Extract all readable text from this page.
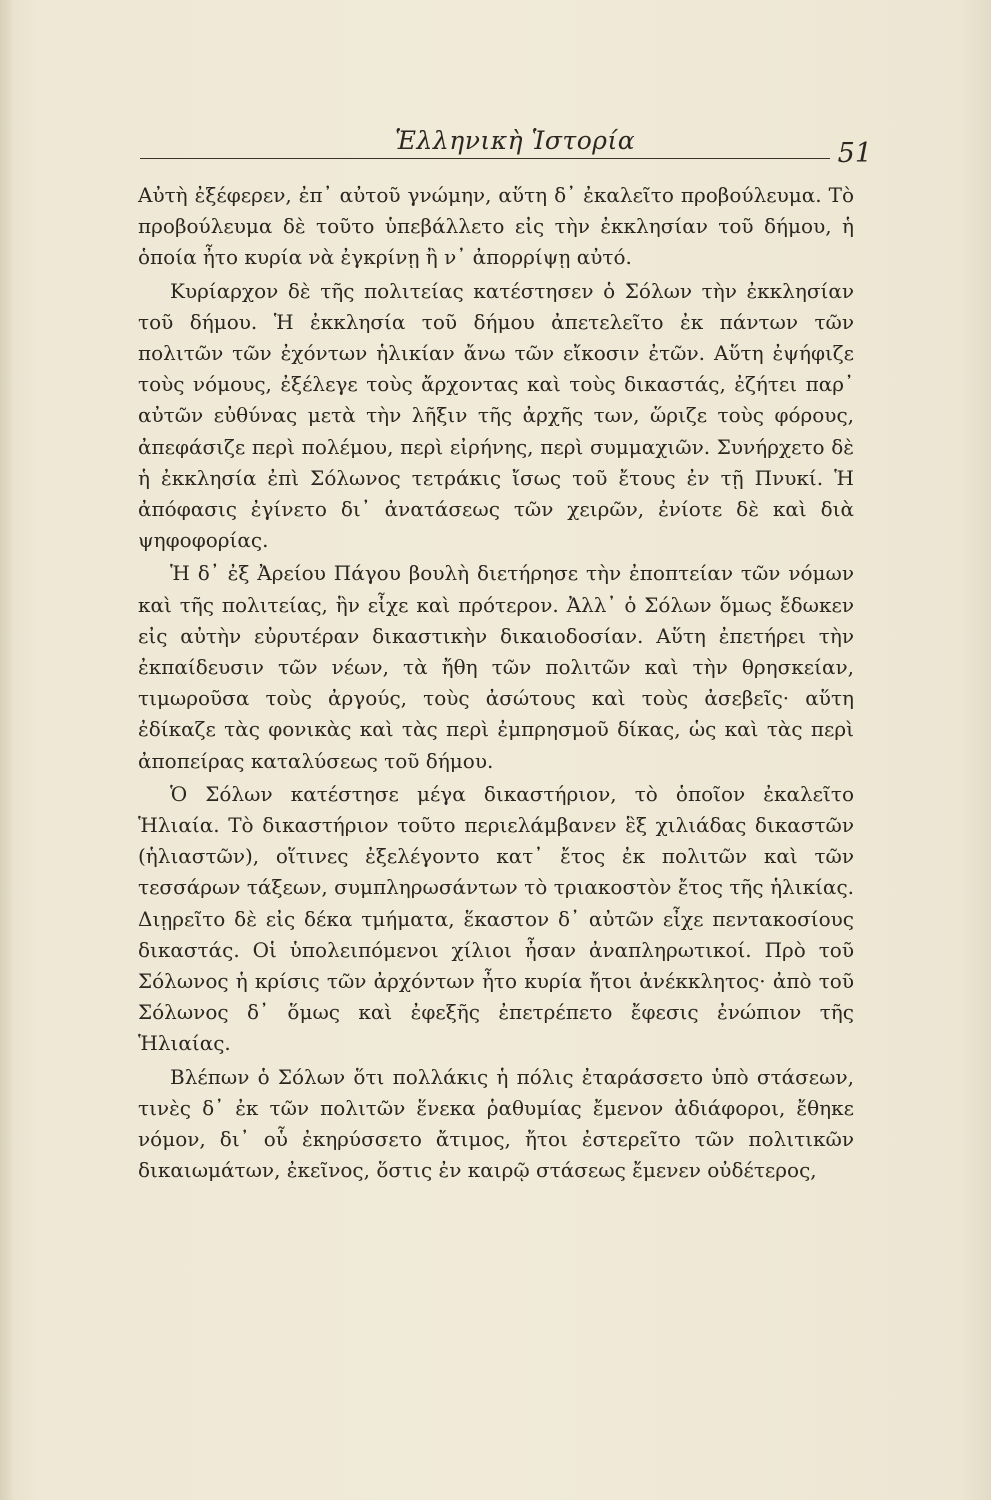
Ἑλληνικὴ Ἱστορία	51

Αὐτὴ ἐξέφερεν, ἐπ᾽ αὐτοῦ γνώμην, αὕτη δ᾽ ἐκαλεῖτο προβούλευμα. Τὸ προβούλευμα δὲ τοῦτο ὑπεβάλλετο εἰς τὴν ἐκκλησίαν τοῦ δήμου, ἡ ὁποία ἦτο κυρία νὰ ἐγκρίνῃ ἢ ν᾽ ἀπορρίψῃ αὐτό.

Κυρίαρχον δὲ τῆς πολιτείας κατέστησεν ὁ Σόλων τὴν ἐκκλησίαν τοῦ δήμου. Ἡ ἐκκλησία τοῦ δήμου ἀπετελεῖτο ἐκ πάντων τῶν πολιτῶν τῶν ἐχόντων ἡλικίαν ἄνω τῶν εἴκοσιν ἐτῶν. Αὕτη ἐψήφιζε τοὺς νόμους, ἐξέλεγε τοὺς ἄρχοντας καὶ τοὺς δικαστάς, ἐζήτει παρ᾽ αὐτῶν εὐθύνας μετὰ τὴν λῆξιν τῆς ἀρχῆς των, ὥριζε τοὺς φόρους, ἀπεφάσιζε περὶ πολέμου, περὶ εἰρήνης, περὶ συμμαχιῶν. Συνήρχετο δὲ ἡ ἐκκλησία ἐπὶ Σόλωνος τετράκις ἴσως τοῦ ἔτους ἐν τῇ Πνυκί. Ἡ ἀπόφασις ἐγίνετο δι᾽ ἀνατάσεως τῶν χειρῶν, ἐνίοτε δὲ καὶ διὰ ψηφοφορίας.

Ἡ δ᾽ ἐξ Ἀρείου Πάγου βουλὴ διετήρησε τὴν ἐποπτείαν τῶν νόμων καὶ τῆς πολιτείας, ἣν εἶχε καὶ πρότερον. Ἀλλ᾽ ὁ Σόλων ὅμως ἔδωκεν εἰς αὐτὴν εὐρυτέραν δικαστικὴν δικαιοδοσίαν. Αὕτη ἐπετήρει τὴν ἐκπαίδευσιν τῶν νέων, τὰ ἤθη τῶν πολιτῶν καὶ τὴν θρησκείαν, τιμωροῦσα τοὺς ἀργούς, τοὺς ἀσώτους καὶ τοὺς ἀσεβεῖς· αὕτη ἐδίκαζε τὰς φονικὰς καὶ τὰς περὶ ἐμπρησμοῦ δίκας, ὡς καὶ τὰς περὶ ἀποπείρας καταλύσεως τοῦ δήμου.

Ὁ Σόλων κατέστησε μέγα δικαστήριον, τὸ ὁποῖον ἐκαλεῖτο Ἡλιαία. Τὸ δικαστήριον τοῦτο περιελάμβανεν ἓξ χιλιάδας δικαστῶν (ἡλιαστῶν), οἵτινες ἐξελέγοντο κατ᾽ ἔτος ἐκ πολιτῶν καὶ τῶν τεσσάρων τάξεων, συμπληρωσάντων τὸ τριακοστὸν ἔτος τῆς ἡλικίας. Διῃρεῖτο δὲ εἰς δέκα τμήματα, ἕκαστον δ᾽ αὐτῶν εἶχε πεντακοσίους δικαστάς. Οἱ ὑπολειπόμενοι χίλιοι ἦσαν ἀναπληρωτικοί. Πρὸ τοῦ Σόλωνος ἡ κρίσις τῶν ἀρχόντων ἦτο κυρία ἤτοι ἀνέκκλητος· ἀπὸ τοῦ Σόλωνος δ᾽ ὅμως καὶ ἐφεξῆς ἐπετρέπετο ἔφεσις ἐνώπιον τῆς Ἡλιαίας.

Βλέπων ὁ Σόλων ὅτι πολλάκις ἡ πόλις ἐταράσσετο ὑπὸ στάσεων, τινὲς δ᾽ ἐκ τῶν πολιτῶν ἕνεκα ῥαθυμίας ἔμενον ἀδιάφοροι, ἔθηκε νόμον, δι᾽ οὗ ἐκηρύσσετο ἄτιμος, ἤτοι ἐστερεῖτο τῶν πολιτικῶν δικαιωμάτων, ἐκεῖνος, ὅστις ἐν καιρῷ στάσεως ἔμενεν οὐδέτερος,
